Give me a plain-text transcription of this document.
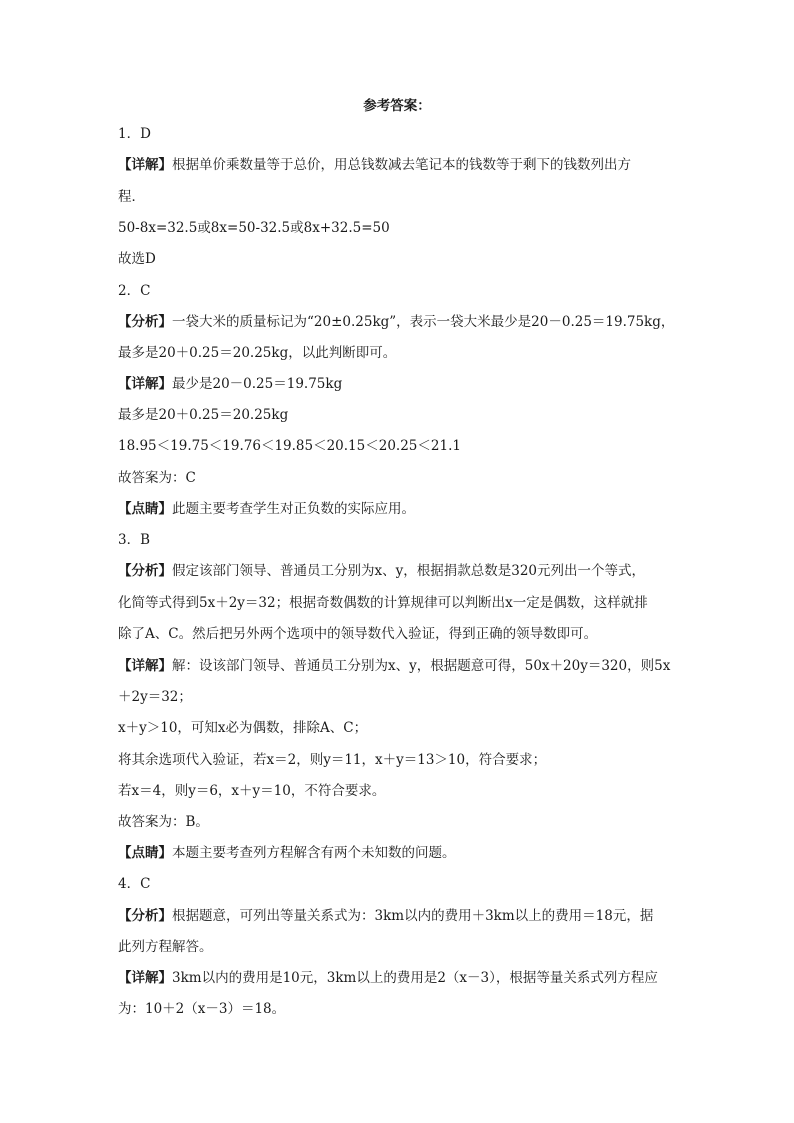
参考答案：
1．D
【详解】根据单价乘数量等于总价，用总钱数减去笔记本的钱数等于剩下的钱数列出方
程．
50-8x=32.5或8x=50-32.5或8x+32.5=50
故选D
2．C
【分析】一袋大米的质量标记为“20±0.25kg”，表示一袋大米最少是20－0.25＝19.75kg，
最多是20＋0.25＝20.25kg，以此判断即可。
【详解】最少是20－0.25＝19.75kg
最多是20＋0.25＝20.25kg
18.95＜19.75＜19.76＜19.85＜20.15＜20.25＜21.1
故答案为：C
【点睛】此题主要考查学生对正负数的实际应用。
3．B
【分析】假定该部门领导、普通员工分别为x、y，根据捐款总数是320元列出一个等式，
化简等式得到5x＋2y＝32；根据奇数偶数的计算规律可以判断出x一定是偶数，这样就排
除了A、C。然后把另外两个选项中的领导数代入验证，得到正确的领导数即可。
【详解】解：设该部门领导、普通员工分别为x、y，根据题意可得，50x＋20y＝320，则5x
＋2y＝32；
x＋y＞10，可知x必为偶数，排除A、C；
将其余选项代入验证，若x＝2，则y＝11，x＋y＝13＞10，符合要求；
若x＝4，则y＝6，x＋y＝10，不符合要求。
故答案为：B。
【点睛】本题主要考查列方程解含有两个未知数的问题。
4．C
【分析】根据题意，可列出等量关系式为：3km以内的费用＋3km以上的费用＝18元，据
此列方程解答。
【详解】3km以内的费用是10元，3km以上的费用是2（x－3），根据等量关系式列方程应
为：10＋2（x－3）＝18。
